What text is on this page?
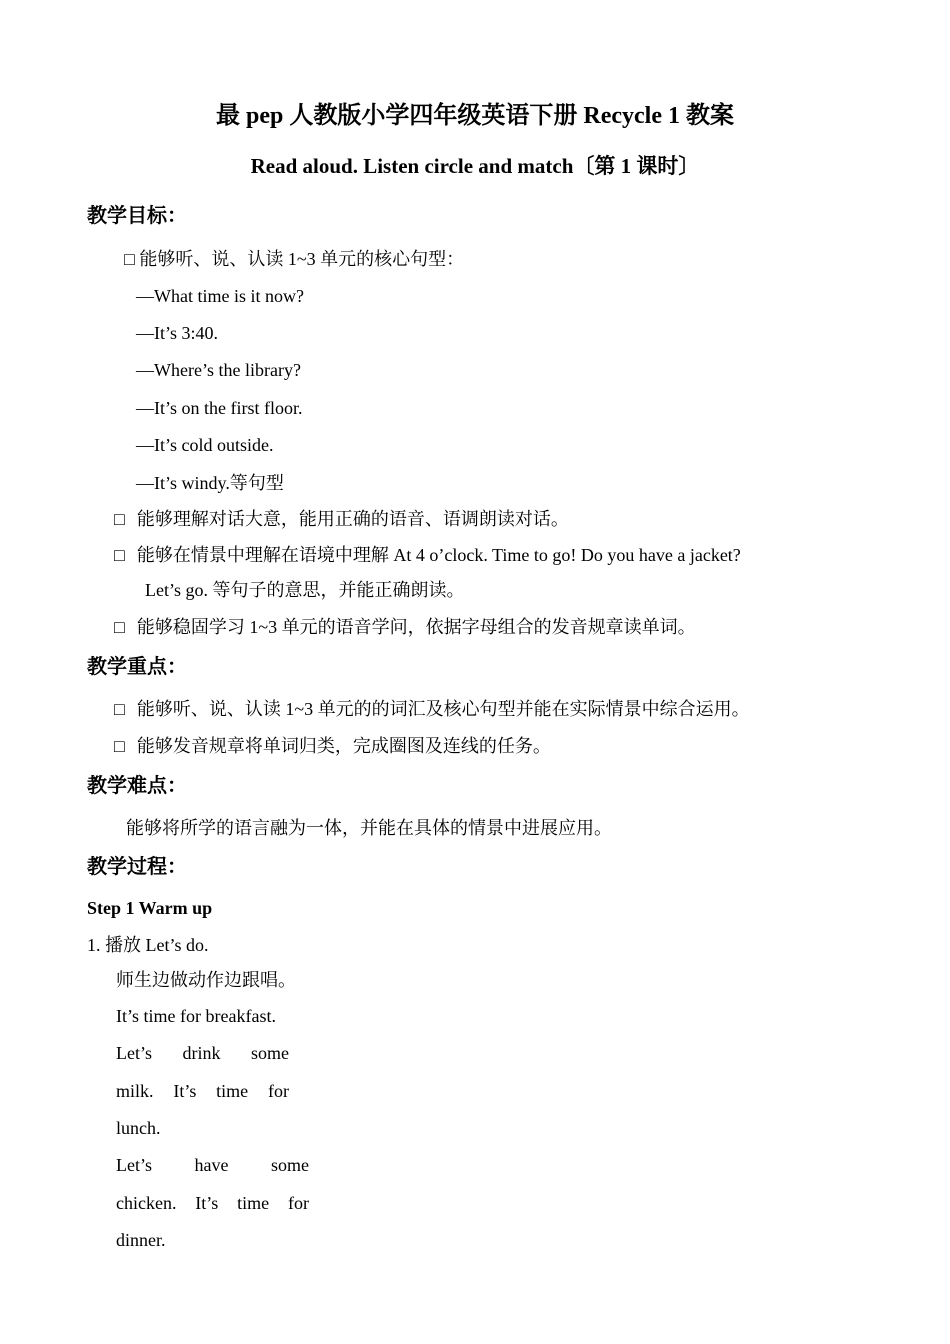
最 pep 人教版小学四年级英语下册 Recycle 1 教案
Read aloud. Listen circle and match〔第 1 课时〕
教学目标：
□ 能够听、说、认读 1~3 单元的核心句型：
—What time is it now?
—It’s 3:40.
—Where’s the library?
—It’s on the first floor.
—It’s cold outside.
—It’s windy.等句型
□ 能够理解对话大意，能用正确的语音、语调朗读对话。
□ 能够在情景中理解在语境中理解 At 4 o’clock. Time to go! Do you have a jacket?
Let’s go. 等句子的意思，并能正确朗读。
□ 能够稳固学习 1~3 单元的语音学问，依据字母组合的发音规章读单词。
教学重点：
□ 能够听、说、认读 1~3 单元的的词汇及核心句型并能在实际情景中综合运用。
□ 能够发音规章将单词归类，完成圈图及连线的任务。
教学难点：
能够将所学的语言融为一体，并能在具体的情景中进展应用。
教学过程：
Step 1 Warm up
1. 播放 Let’s do.
师生边做动作边跟唱。
It’s time for breakfast.
Let’s drink some
milk. It’s time for
lunch.
Let’s have some
chicken. It’s time for
dinner.
